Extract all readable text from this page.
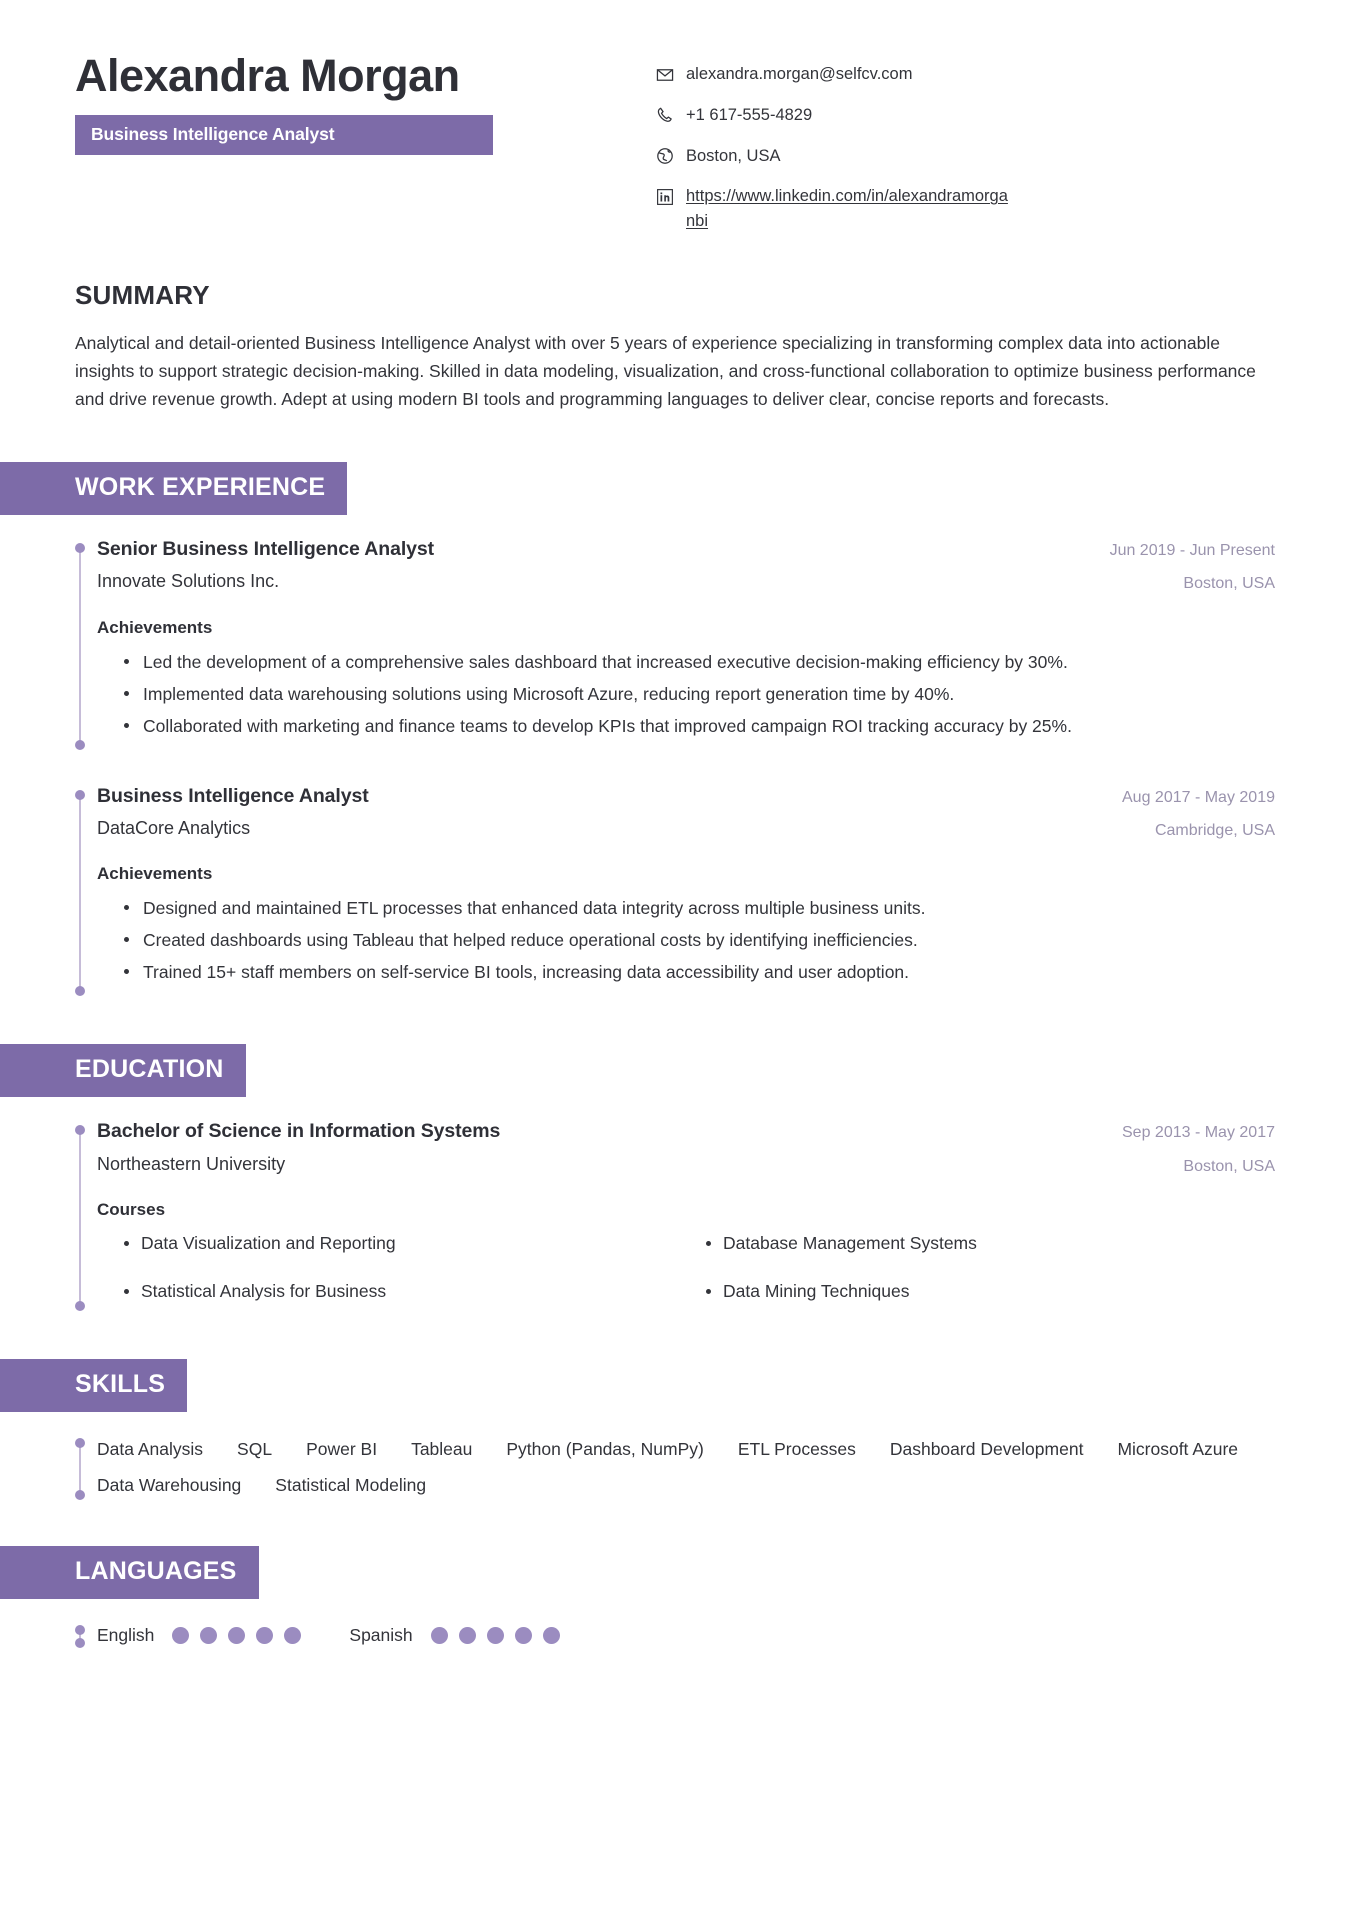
Alexandra Morgan
Business Intelligence Analyst
alexandra.morgan@selfcv.com
+1 617-555-4829
Boston, USA
https://www.linkedin.com/in/alexandramorganbi
SUMMARY
Analytical and detail-oriented Business Intelligence Analyst with over 5 years of experience specializing in transforming complex data into actionable insights to support strategic decision-making. Skilled in data modeling, visualization, and cross-functional collaboration to optimize business performance and drive revenue growth. Adept at using modern BI tools and programming languages to deliver clear, concise reports and forecasts.
WORK EXPERIENCE
Senior Business Intelligence Analyst
Innovate Solutions Inc.
Jun 2019 - Jun Present
Boston, USA
Achievements
Led the development of a comprehensive sales dashboard that increased executive decision-making efficiency by 30%.
Implemented data warehousing solutions using Microsoft Azure, reducing report generation time by 40%.
Collaborated with marketing and finance teams to develop KPIs that improved campaign ROI tracking accuracy by 25%.
Business Intelligence Analyst
DataCore Analytics
Aug 2017 - May 2019
Cambridge, USA
Achievements
Designed and maintained ETL processes that enhanced data integrity across multiple business units.
Created dashboards using Tableau that helped reduce operational costs by identifying inefficiencies.
Trained 15+ staff members on self-service BI tools, increasing data accessibility and user adoption.
EDUCATION
Bachelor of Science in Information Systems
Northeastern University
Sep 2013 - May 2017
Boston, USA
Courses
Data Visualization and Reporting	Database Management Systems
Statistical Analysis for Business	Data Mining Techniques
SKILLS
Data Analysis SQL Power BI Tableau Python (Pandas, NumPy) ETL Processes Dashboard Development Microsoft Azure
Data Warehousing Statistical Modeling
LANGUAGES
English	Spanish
